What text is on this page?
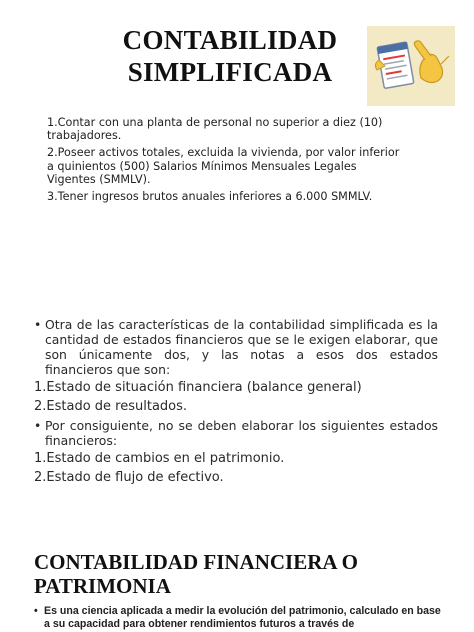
CONTABILIDAD SIMPLIFICADA

1.Contar con una planta de personal no superior a diez (10) trabajadores.

2.Poseer activos totales, excluida la vivienda, por valor inferior a quinientos (500) Salarios Mínimos Mensuales Legales Vigentes (SMMLV).

3.Tener ingresos brutos anuales inferiores a 6.000 SMMLV.

• Otra de las características de la contabilidad simplificada es la cantidad de estados financieros que se le exigen elaborar, que son únicamente dos, y las notas a esos dos estados financieros que son:
1.Estado de situación financiera (balance general)
2.Estado de resultados.
• Por consiguiente, no se deben elaborar los siguientes estados financieros:
1.Estado de cambios en el patrimonio.
2.Estado de flujo de efectivo.
CONTABILIDAD FINANCIERA O PATRIMONIA
• Es una ciencia aplicada a medir la evolución del patrimonio, calculado en base a su capacidad para obtener rendimientos futuros a través de
